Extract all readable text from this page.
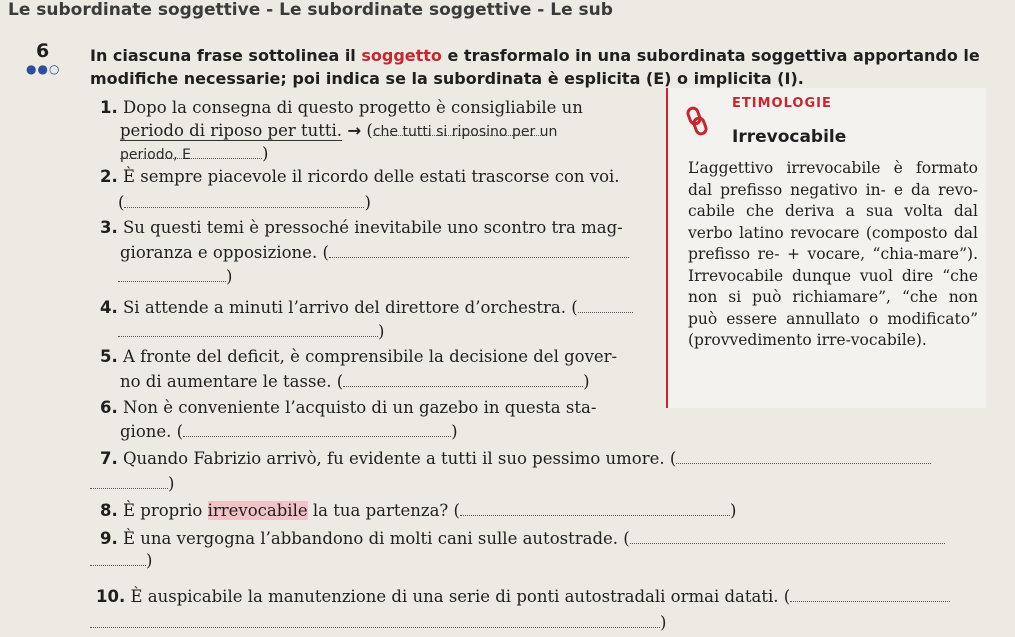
Le subordinate soggettive - Le subordinate soggettive - Le sub
6
●●○
In ciascuna frase sottolinea il soggetto e trasformalo in una subordinata soggettiva apportando le modifiche necessarie; poi indica se la subordinata è esplicita (E) o implicita (I).
1. Dopo la consegna di questo progetto è consigliabile un
periodo di riposo per tutti. → (che tutti si riposino per un
periodo, E	)
2. È sempre piacevole il ricordo delle estati trascorse con voi.
(	)
3. Su questi temi è pressoché inevitabile uno scontro tra mag-
gioranza e opposizione. (
)
4. Si attende a minuti l’arrivo del direttore d’orchestra. (
)
5. A fronte del deficit, è comprensibile la decisione del gover-
no di aumentare le tasse. (	)
6. Non è conveniente l’acquisto di un gazebo in questa sta-
gione. (	)
7. Quando Fabrizio arrivò, fu evidente a tutti il suo pessimo umore. (
)
8. È proprio irrevocabile la tua partenza? (	)
9. È una vergogna l’abbandono di molti cani sulle autostrade. (
)
10. È auspicabile la manutenzione di una serie di ponti autostradali ormai datati. (
)
ETIMOLOGIE
Irrevocabile
L’aggettivo irrevocabile è formato dal prefisso negativo in- e da revo-cabile che deriva a sua volta dal verbo latino revocare (composto dal prefisso re- + vocare, “chia-mare”). Irrevocabile dunque vuol dire “che non si può richiamare”, “che non può essere annullato o modificato” (provvedimento irre-vocabile).
